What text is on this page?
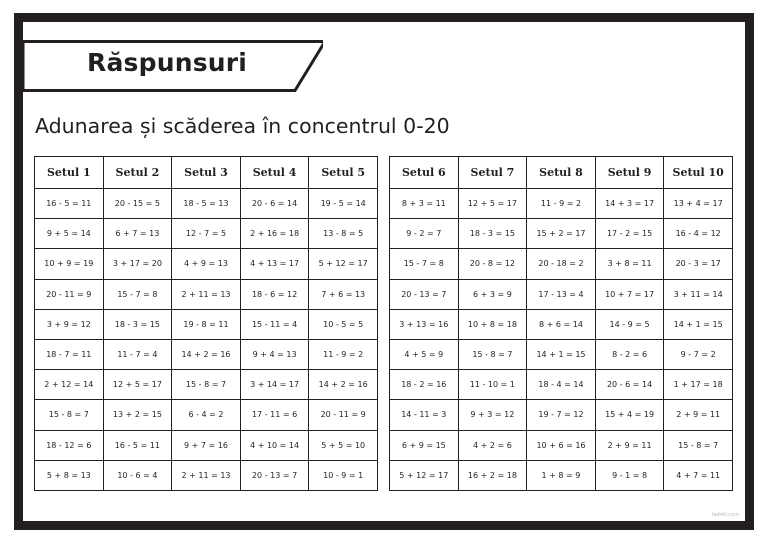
Răspunsuri
Adunarea și scăderea în concentrul 0-20
Setul 1	Setul 2	Setul 3	Setul 4	Setul 5
16 - 5 = 11	20 - 15 = 5	18 - 5 = 13	20 - 6 = 14	19 - 5 = 14
9 + 5 = 14	6 + 7 = 13	12 - 7 = 5	2 + 16 = 18	13 - 8 = 5
10 + 9 = 19	3 + 17 = 20	4 + 9 = 13	4 + 13 = 17	5 + 12 = 17
20 - 11 = 9	15 - 7 = 8	2 + 11 = 13	18 - 6 = 12	7 + 6 = 13
3 + 9 = 12	18 - 3 = 15	19 - 8 = 11	15 - 11 = 4	10 - 5 = 5
18 - 7 = 11	11 - 7 = 4	14 + 2 = 16	9 + 4 = 13	11 - 9 = 2
2 + 12 = 14	12 + 5 = 17	15 - 8 = 7	3 + 14 = 17	14 + 2 = 16
15 - 8 = 7	13 + 2 = 15	6 - 4 = 2	17 - 11 = 6	20 - 11 = 9
18 - 12 = 6	16 - 5 = 11	9 + 7 = 16	4 + 10 = 14	5 + 5 = 10
5 + 8 = 13	10 - 6 = 4	2 + 11 = 13	20 - 13 = 7	10 - 9 = 1
Setul 6	Setul 7	Setul 8	Setul 9	Setul 10
8 + 3 = 11	12 + 5 = 17	11 - 9 = 2	14 + 3 = 17	13 + 4 = 17
9 - 2 = 7	18 - 3 = 15	15 + 2 = 17	17 - 2 = 15	16 - 4 = 12
15 - 7 = 8	20 - 8 = 12	20 - 18 = 2	3 + 8 = 11	20 - 3 = 17
20 - 13 = 7	6 + 3 = 9	17 - 13 = 4	10 + 7 = 17	3 + 11 = 14
3 + 13 = 16	10 + 8 = 18	8 + 6 = 14	14 - 9 = 5	14 + 1 = 15
4 + 5 = 9	15 - 8 = 7	14 + 1 = 15	8 - 2 = 6	9 - 7 = 2
18 - 2 = 16	11 - 10 = 1	18 - 4 = 14	20 - 6 = 14	1 + 17 = 18
14 - 11 = 3	9 + 3 = 12	19 - 7 = 12	15 + 4 = 19	2 + 9 = 11
6 + 9 = 15	4 + 2 = 6	10 + 6 = 16	2 + 9 = 11	15 - 8 = 7
5 + 12 = 17	16 + 2 = 18	1 + 8 = 9	9 - 1 = 8	4 + 7 = 11
twinkl.com
